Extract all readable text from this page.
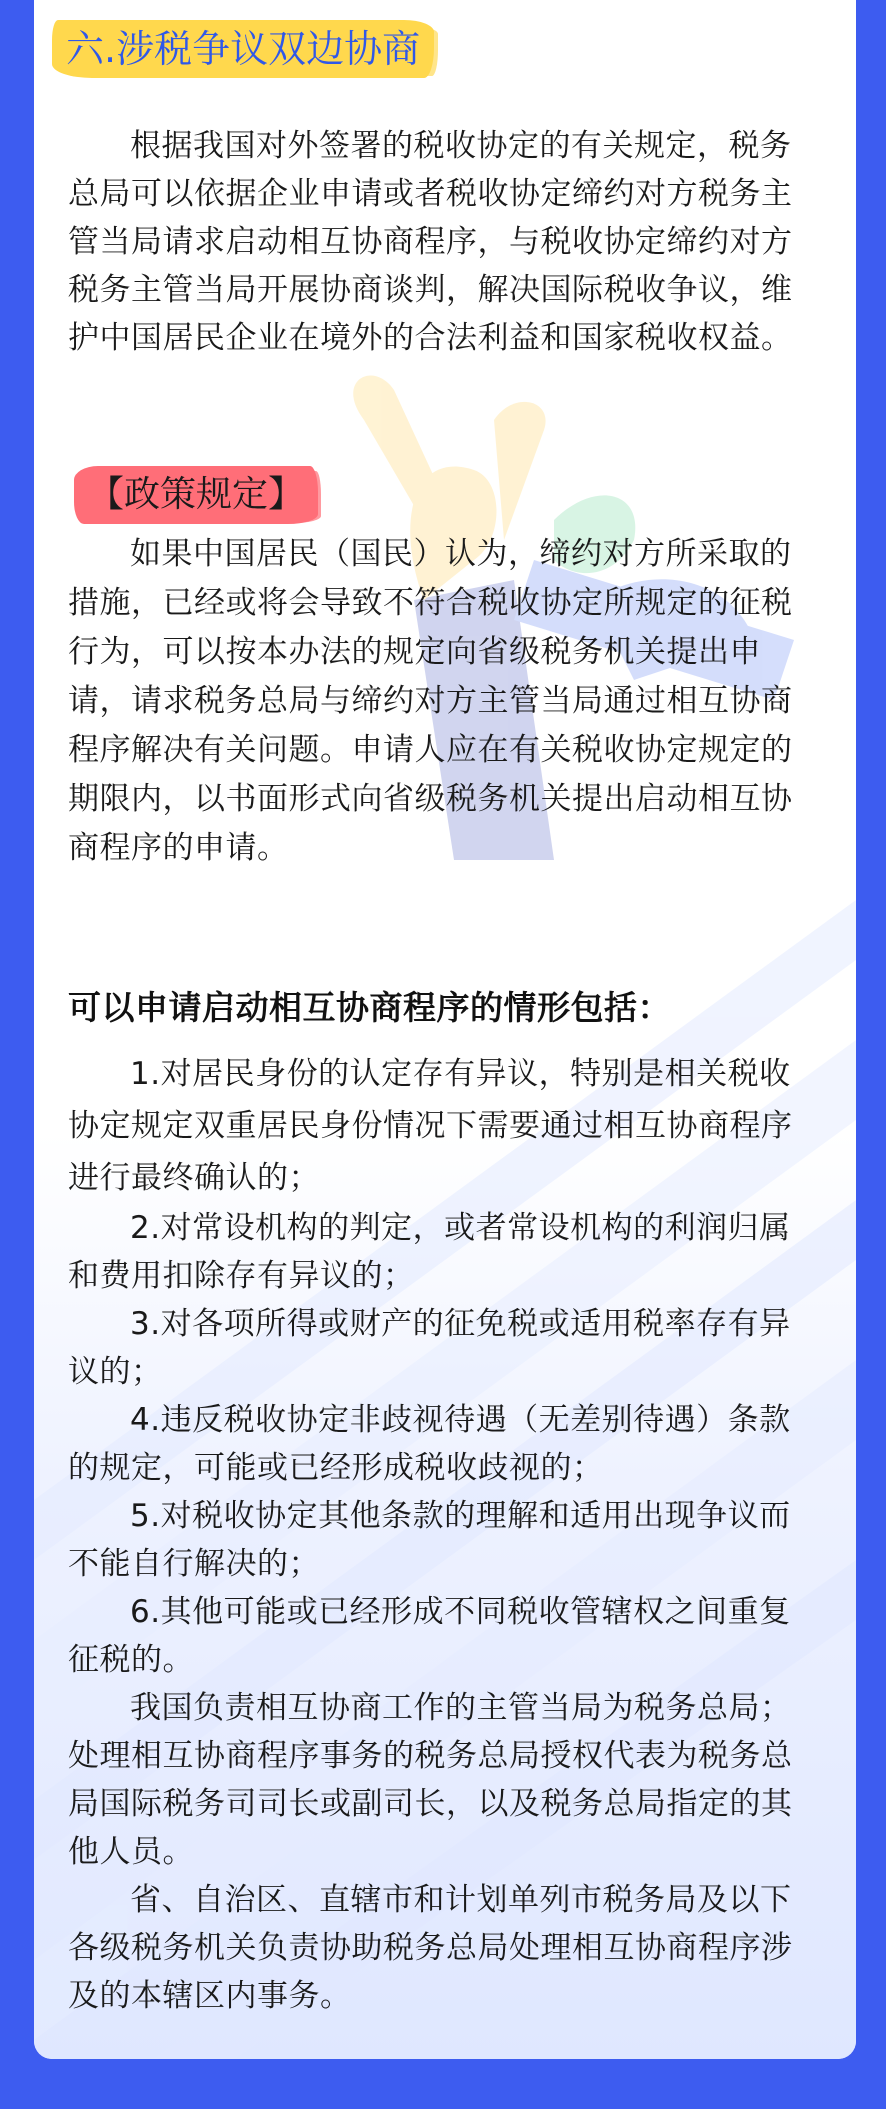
六.涉税争议双边协商
根据我国对外签署的税收协定的有关规定，税务总局可以依据企业申请或者税收协定缔约对方税务主管当局请求启动相互协商程序，与税收协定缔约对方税务主管当局开展协商谈判，解决国际税收争议，维护中国居民企业在境外的合法利益和国家税收权益。
【政策规定】
如果中国居民（国民）认为，缔约对方所采取的措施，已经或将会导致不符合税收协定所规定的征税行为，可以按本办法的规定向省级税务机关提出申请，请求税务总局与缔约对方主管当局通过相互协商程序解决有关问题。申请人应在有关税收协定规定的期限内，以书面形式向省级税务机关提出启动相互协商程序的申请。
可以申请启动相互协商程序的情形包括：
1.对居民身份的认定存有异议，特别是相关税收协定规定双重居民身份情况下需要通过相互协商程序进行最终确认的；
2.对常设机构的判定，或者常设机构的利润归属和费用扣除存有异议的；
3.对各项所得或财产的征免税或适用税率存有异议的；
4.违反税收协定非歧视待遇（无差别待遇）条款的规定，可能或已经形成税收歧视的；
5.对税收协定其他条款的理解和适用出现争议而不能自行解决的；
6.其他可能或已经形成不同税收管辖权之间重复征税的。
我国负责相互协商工作的主管当局为税务总局；处理相互协商程序事务的税务总局授权代表为税务总局国际税务司司长或副司长，以及税务总局指定的其他人员。
省、自治区、直辖市和计划单列市税务局及以下各级税务机关负责协助税务总局处理相互协商程序涉及的本辖区内事务。
